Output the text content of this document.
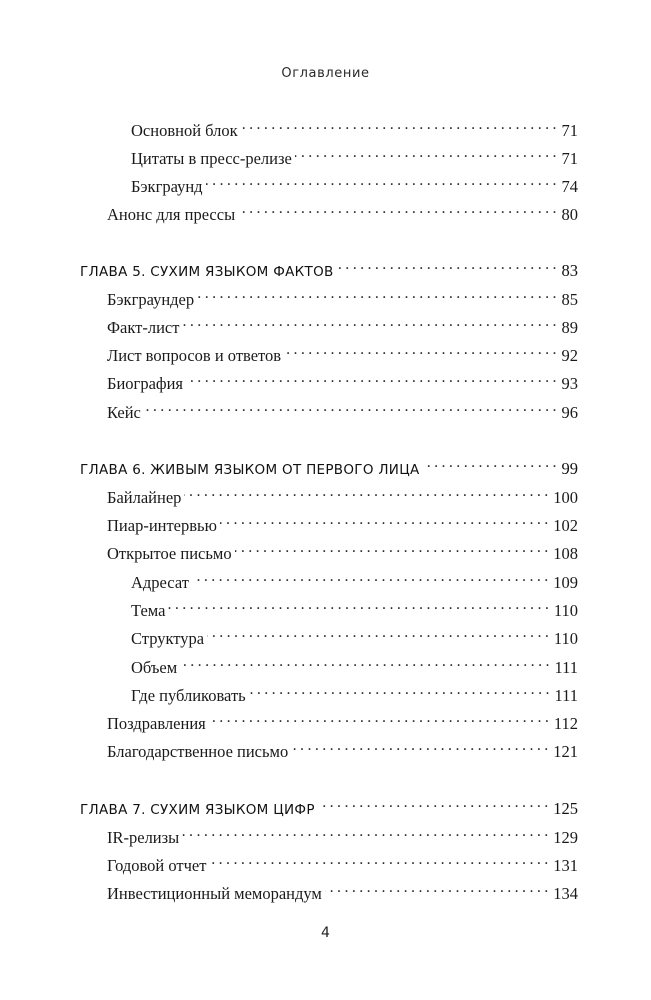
Оглавление
Основной блок . . .	71
Цитаты в пресс-релизе . . .	71
Бэкграунд . . .	74
Анонс для прессы . . .	80
ГЛАВА 5. СУХИМ ЯЗЫКОМ ФАКТОВ . . .	83
Бэкграундер . . .	85
Факт-лист . . .	89
Лист вопросов и ответов . . .	92
Биография . . .	93
Кейс . . .	96
ГЛАВА 6. ЖИВЫМ ЯЗЫКОМ ОТ ПЕРВОГО ЛИЦА . . .	99
Байлайнер . . .	100
Пиар-интервью . . .	102
Открытое письмо . . .	108
Адресат . . .	109
Тема . . .	110
Структура . . .	110
Объем . . .	111
Где публиковать . . .	111
Поздравления . . .	112
Благодарственное письмо . . .	121
ГЛАВА 7. СУХИМ ЯЗЫКОМ ЦИФР . . .	125
IR-релизы . . .	129
Годовой отчет . . .	131
Инвестиционный меморандум . . .	134
4
